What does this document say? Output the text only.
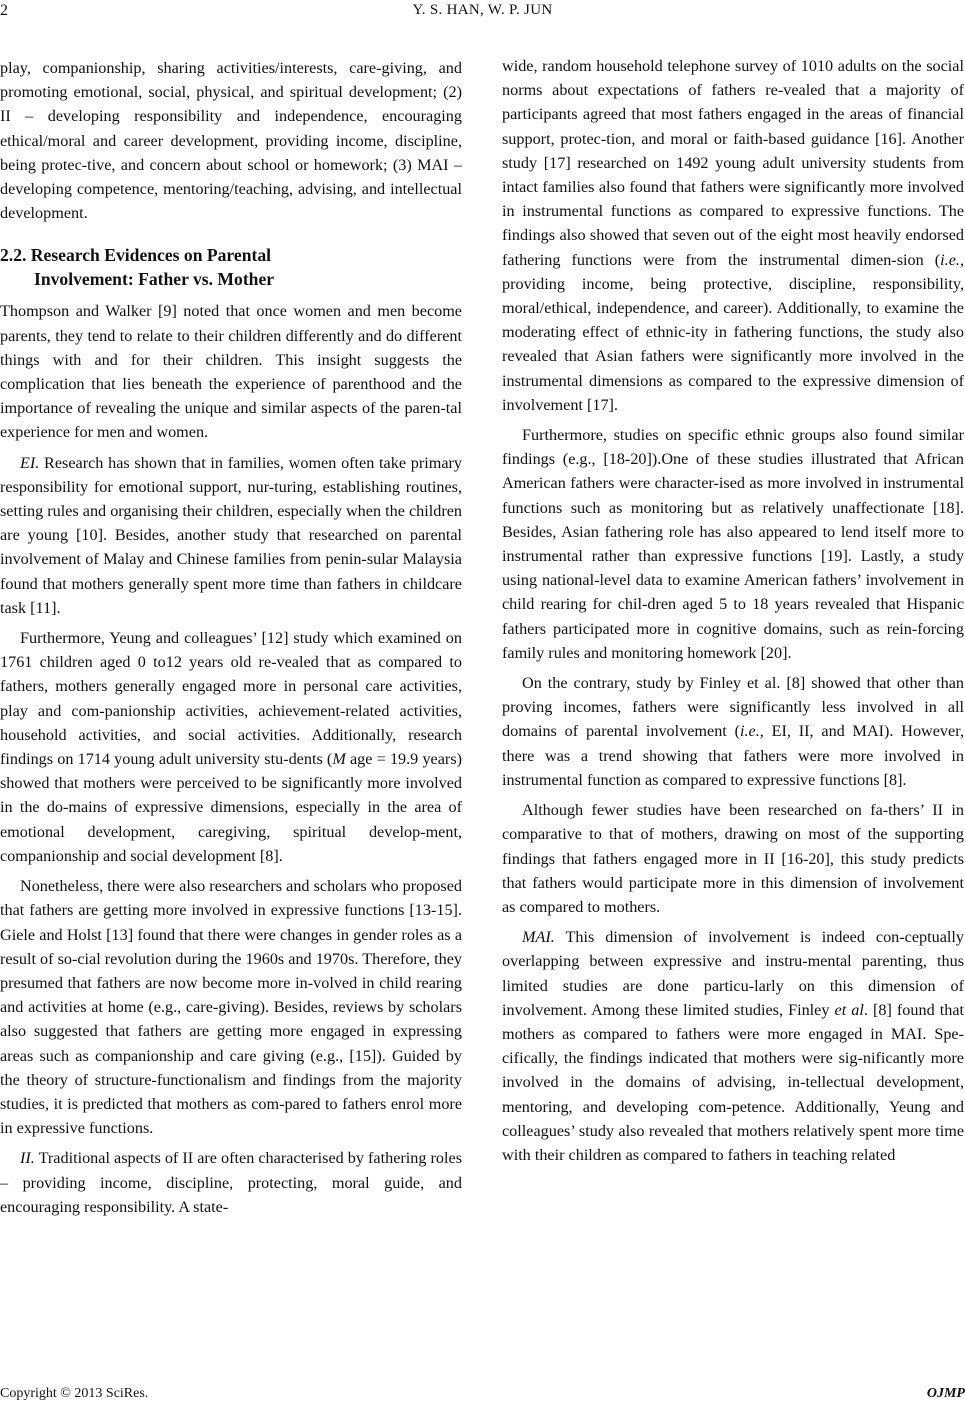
2	Y. S. HAN, W. P. JUN

play, companionship, sharing activities/interests, care-giving, and promoting emotional, social, physical, and spiritual development; (2) II – developing responsibility and independence, encouraging ethical/moral and career development, providing income, discipline, being protec-tive, and concern about school or homework; (3) MAI – developing competence, mentoring/teaching, advising, and intellectual development.

2.2. Research Evidences on Parental
Involvement: Father vs. Mother

Thompson and Walker [9] noted that once women and men become parents, they tend to relate to their children differently and do different things with and for their children. This insight suggests the complication that lies beneath the experience of parenthood and the importance of revealing the unique and similar aspects of the paren-tal experience for men and women.

EI. Research has shown that in families, women often take primary responsibility for emotional support, nur-turing, establishing routines, setting rules and organising their children, especially when the children are young [10]. Besides, another study that researched on parental involvement of Malay and Chinese families from penin-sular Malaysia found that mothers generally spent more time than fathers in childcare task [11].

Furthermore, Yeung and colleagues’ [12] study which examined on 1761 children aged 0 to12 years old re-vealed that as compared to fathers, mothers generally engaged more in personal care activities, play and com-panionship activities, achievement-related activities, household activities, and social activities. Additionally, research findings on 1714 young adult university stu-dents (M age = 19.9 years) showed that mothers were perceived to be significantly more involved in the do-mains of expressive dimensions, especially in the area of emotional development, caregiving, spiritual develop-ment, companionship and social development [8].

Nonetheless, there were also researchers and scholars who proposed that fathers are getting more involved in expressive functions [13-15]. Giele and Holst [13] found that there were changes in gender roles as a result of so-cial revolution during the 1960s and 1970s. Therefore, they presumed that fathers are now become more in-volved in child rearing and activities at home (e.g., care-giving). Besides, reviews by scholars also suggested that fathers are getting more engaged in expressing areas such as companionship and care giving (e.g., [15]). Guided by the theory of structure-functionalism and findings from the majority studies, it is predicted that mothers as com-pared to fathers enrol more in expressive functions.

II. Traditional aspects of II are often characterised by fathering roles – providing income, discipline, protecting, moral guide, and encouraging responsibility. A state-

wide, random household telephone survey of 1010 adults on the social norms about expectations of fathers re-vealed that a majority of participants agreed that most fathers engaged in the areas of financial support, protec-tion, and moral or faith-based guidance [16]. Another study [17] researched on 1492 young adult university students from intact families also found that fathers were significantly more involved in instrumental functions as compared to expressive functions. The findings also showed that seven out of the eight most heavily endorsed fathering functions were from the instrumental dimen-sion (i.e., providing income, being protective, discipline, responsibility, moral/ethical, independence, and career). Additionally, to examine the moderating effect of ethnic-ity in fathering functions, the study also revealed that Asian fathers were significantly more involved in the instrumental dimensions as compared to the expressive dimension of involvement [17].

Furthermore, studies on specific ethnic groups also found similar findings (e.g., [18-20]).One of these studies illustrated that African American fathers were character-ised as more involved in instrumental functions such as monitoring but as relatively unaffectionate [18]. Besides, Asian fathering role has also appeared to lend itself more to instrumental rather than expressive functions [19]. Lastly, a study using national-level data to examine American fathers’ involvement in child rearing for chil-dren aged 5 to 18 years revealed that Hispanic fathers participated more in cognitive domains, such as rein-forcing family rules and monitoring homework [20].

On the contrary, study by Finley et al. [8] showed that other than proving incomes, fathers were significantly less involved in all domains of parental involvement (i.e., EI, II, and MAI). However, there was a trend showing that fathers were more involved in instrumental function as compared to expressive functions [8].

Although fewer studies have been researched on fa-thers’ II in comparative to that of mothers, drawing on most of the supporting findings that fathers engaged more in II [16-20], this study predicts that fathers would participate more in this dimension of involvement as compared to mothers.

MAI. This dimension of involvement is indeed con-ceptually overlapping between expressive and instru-mental parenting, thus limited studies are done particu-larly on this dimension of involvement. Among these limited studies, Finley et al. [8] found that mothers as compared to fathers were more engaged in MAI. Spe-cifically, the findings indicated that mothers were sig-nificantly more involved in the domains of advising, in-tellectual development, mentoring, and developing com-petence. Additionally, Yeung and colleagues’ study also revealed that mothers relatively spent more time with their children as compared to fathers in teaching related

Copyright © 2013 SciRes.	OJMP
